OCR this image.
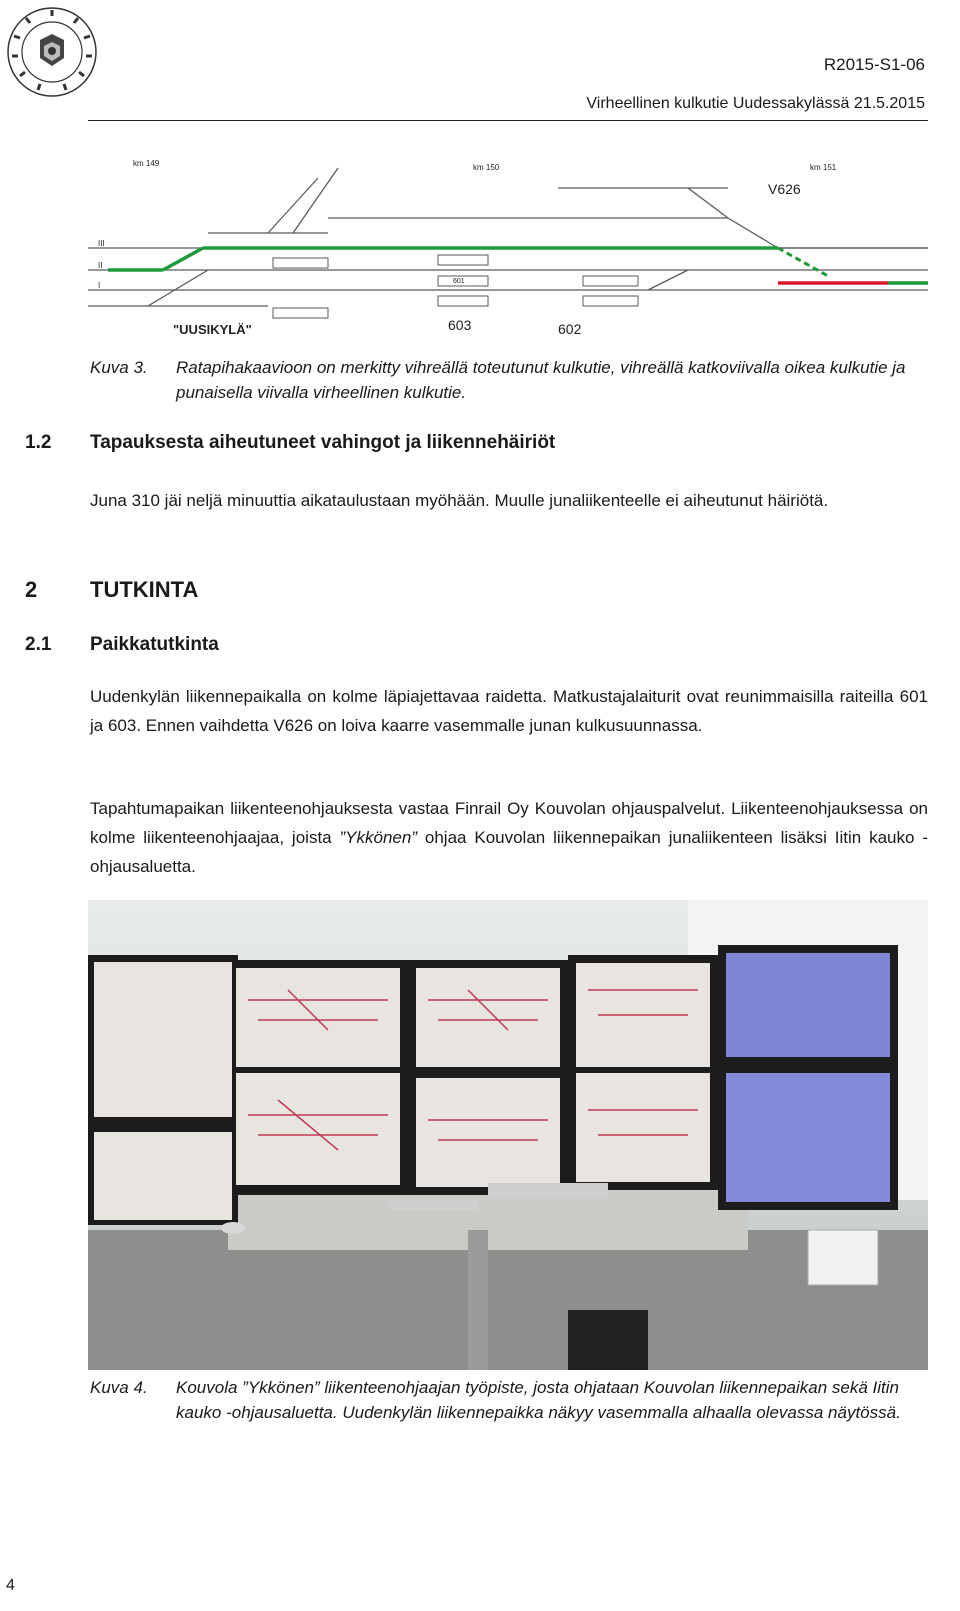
R2015-S1-06
Virheellinen kulkutie Uudessakylässä 21.5.2015
km 149	km 150	km 151
"UUSIKYLÄ"	603	602
V626
III
II
I	601
Kuva 3. Ratapihakaavioon on merkitty vihreällä toteutunut kulkutie, vihreällä katkoviivalla oikea kulkutie ja punaisella viivalla virheellinen kulkutie.
1.2 Tapauksesta aiheutuneet vahingot ja liikennehäiriöt
Juna 310 jäi neljä minuuttia aikataulustaan myöhään. Muulle junaliikenteelle ei aiheutunut häiriötä.
2 TUTKINTA
2.1 Paikkatutkinta
Uudenkylän liikennepaikalla on kolme läpiajettavaa raidetta. Matkustajalaiturit ovat reunimmaisilla raiteilla 601 ja 603. Ennen vaihdetta V626 on loiva kaarre vasemmalle junan kulkusuunnassa.
Tapahtumapaikan liikenteenohjauksesta vastaa Finrail Oy Kouvolan ohjauspalvelut. Liikenteenohjauksessa on kolme liikenteenohjaajaa, joista ”Ykkönen” ohjaa Kouvolan liikennepaikan junaliikenteen lisäksi Iitin kauko -ohjausaluetta.
Kuva 4. Kouvola ”Ykkönen” liikenteenohjaajan työpiste, josta ohjataan Kouvolan liikennepaikan sekä Iitin kauko -ohjausaluetta. Uudenkylän liikennepaikka näkyy vasemmalla alhaalla olevassa näytössä.
4
